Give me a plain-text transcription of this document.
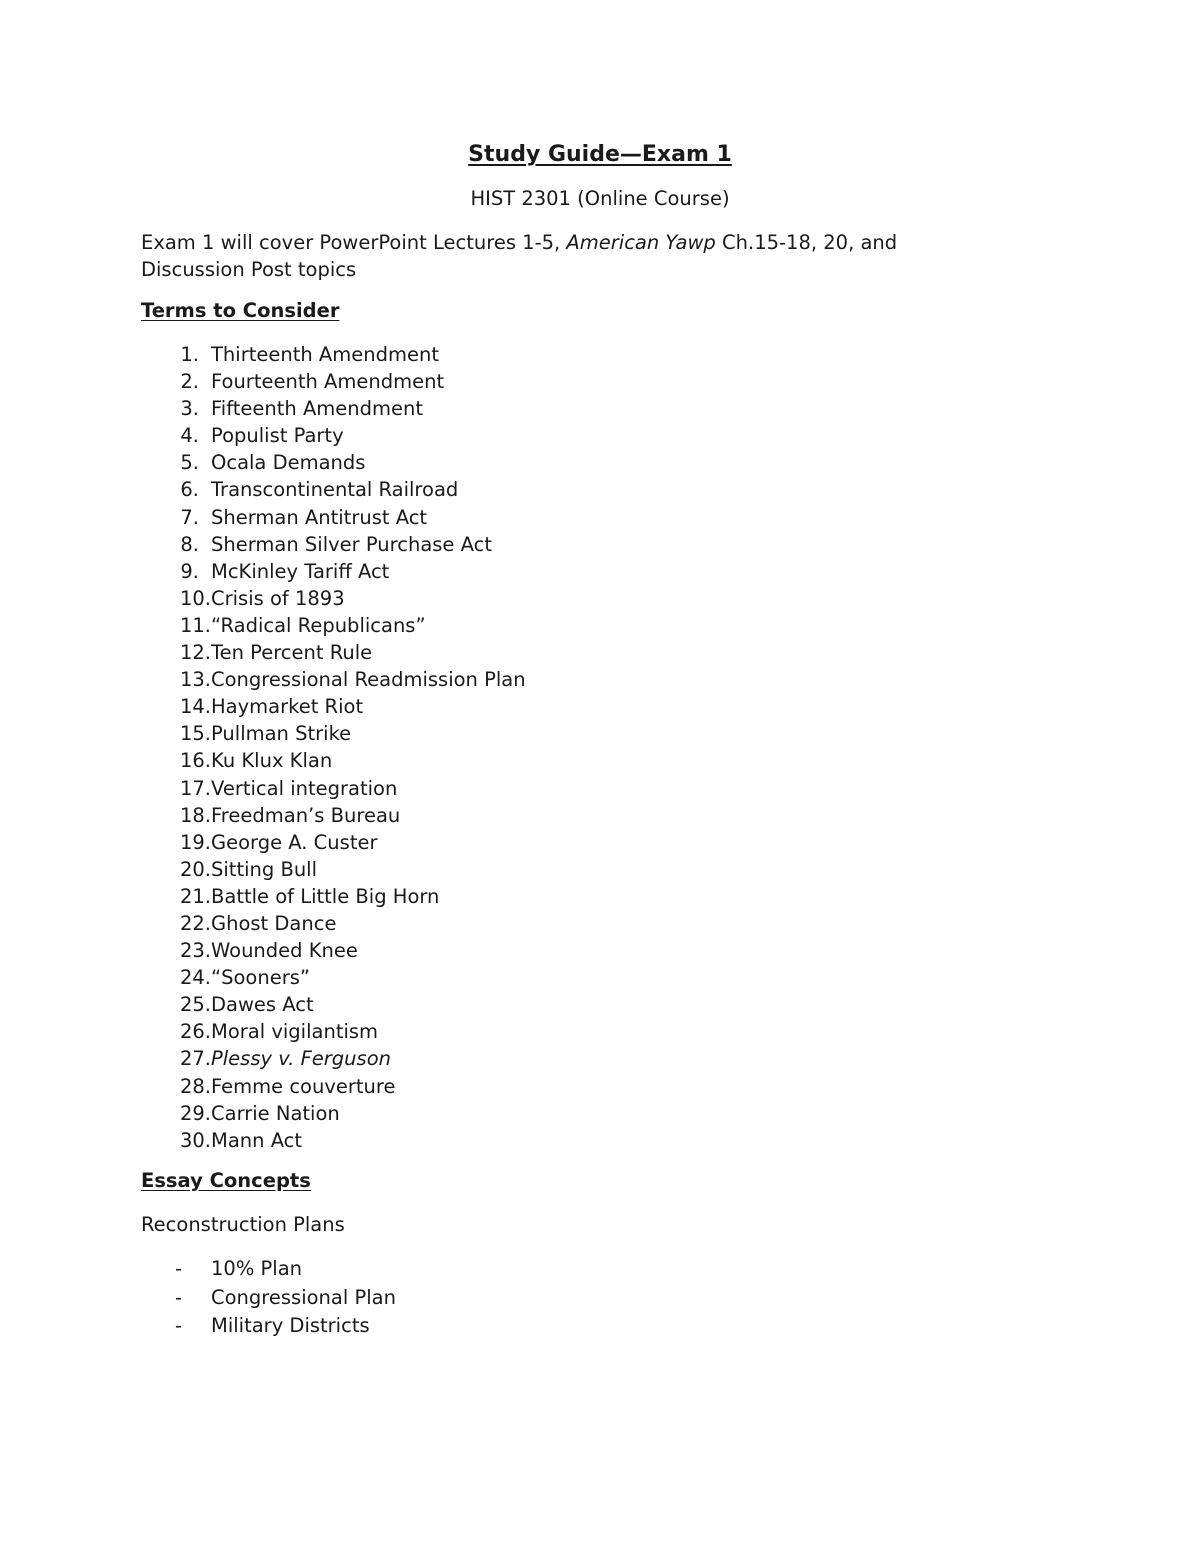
Study Guide—Exam 1

HIST 2301 (Online Course)

Exam 1 will cover PowerPoint Lectures 1-5, American Yawp Ch.15-18, 20, and
Discussion Post topics

Terms to Consider
1. Thirteenth Amendment
2. Fourteenth Amendment
3. Fifteenth Amendment
4. Populist Party
5. Ocala Demands
6. Transcontinental Railroad
7. Sherman Antitrust Act
8. Sherman Silver Purchase Act
9. McKinley Tariff Act
10. Crisis of 1893
11. “Radical Republicans”
12. Ten Percent Rule
13. Congressional Readmission Plan
14. Haymarket Riot
15. Pullman Strike
16. Ku Klux Klan
17. Vertical integration
18. Freedman’s Bureau
19. George A. Custer
20. Sitting Bull
21. Battle of Little Big Horn
22. Ghost Dance
23. Wounded Knee
24. “Sooners”
25. Dawes Act
26. Moral vigilantism
27. Plessy v. Ferguson
28. Femme couverture
29. Carrie Nation
30. Mann Act
Essay Concepts

Reconstruction Plans

-	10% Plan
-	Congressional Plan
-	Military Districts
